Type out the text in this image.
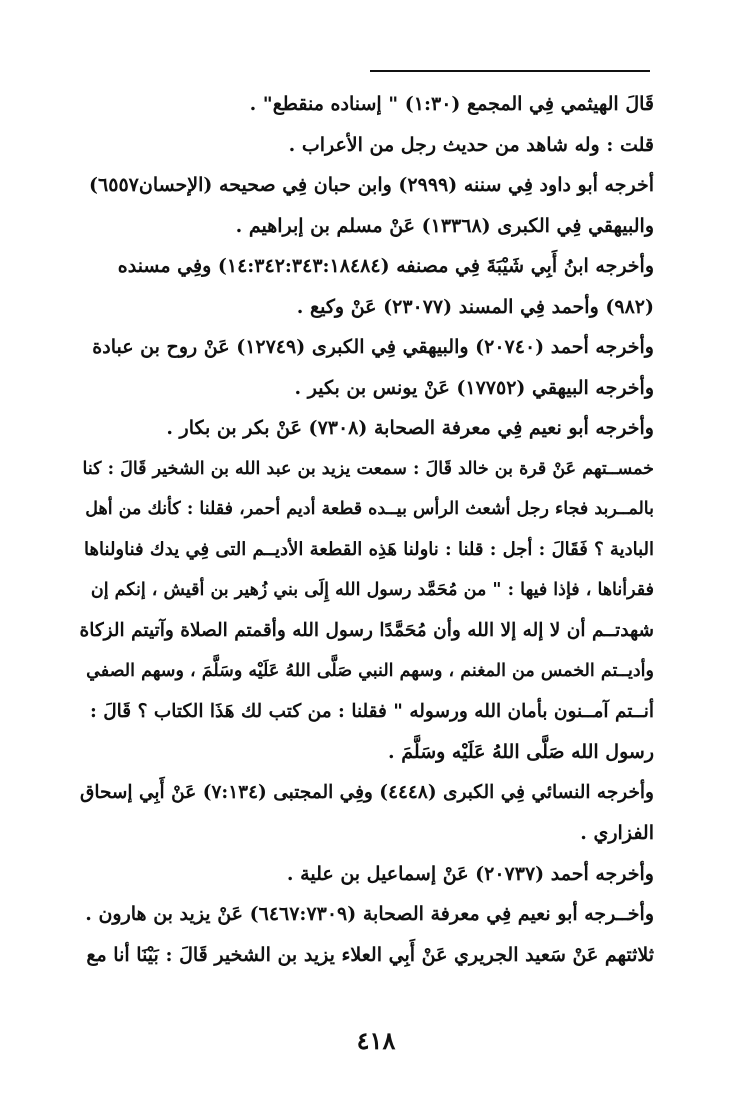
قَالَ الهيثمي فِي المجمع (١:٣٠) " إسناده منقطع" .
قلت : وله شاهد من حديث رجل من الأعراب .
أخرجه أبو داود فِي سننه (٢٩٩٩) وابن حبان فِي صحيحه (الإحسان٦٥٥٧)
والبيهقي فِي الكبرى (١٣٣٦٨) عَنْ مسلم بن إبراهيم .
وأخرجه ابنُ أَبِي شَيْبَةَ فِي مصنفه (١٤:٣٤٢:٣٤٣:١٨٤٨٤) وفِي مسنده
(٩٨٢) وأحمد فِي المسند (٢٣٠٧٧) عَنْ وكيع .
وأخرجه أحمد (٢٠٧٤٠) والبيهقي فِي الكبرى (١٢٧٤٩) عَنْ روح بن عبادة
وأخرجه البيهقي (١٧٧٥٢) عَنْ يونس بن بكير .
وأخرجه أبو نعيم فِي معرفة الصحابة (٧٣٠٨) عَنْ بكر بن بكار .
خمســتهم عَنْ قرة بن خالد قَالَ : سمعت يزيد بن عبد الله بن الشخير قَالَ : كنا
بالمــربد فجاء رجل أشعث الرأس بيــده قطعة أديم أحمر، فقلنا : كأنك من أهل
البادية ؟ فَقَالَ : أجل : قلنا : ناولنا هَذِه القطعة الأديــم التى فِي يدك فناولناها
فقرأناها ، فإذا فيها : " من مُحَمَّد رسول الله إِلَى بني زُهير بن أقيش ، إنكم إن
شهدتــم أن لا إله إلا الله وأن مُحَمَّدًا رسول الله وأقمتم الصلاة وآتيتم الزكاة
وأديــتم الخمس من المغنم ، وسهم النبي صَلَّى اللهُ عَلَيْه وسَلَّمَ ، وسهم الصفي
أنــتم آمــنون بأمان الله ورسوله " فقلنا : من كتب لك هَذَا الكتاب ؟ قَالَ :
رسول الله صَلَّى اللهُ عَلَيْه وسَلَّمَ .
وأخرجه النسائي فِي الكبرى (٤٤٤٨) وفِي المجتبى (٧:١٣٤) عَنْ أَبِي إسحاق
الفزاري .
وأخرجه أحمد (٢٠٧٣٧) عَنْ إسماعيل بن علية .
وأخــرجه أبو نعيم فِي معرفة الصحابة (٦٤٦٧:٧٣٠٩) عَنْ يزيد بن هارون .
ثلاثتهم عَنْ سَعيد الجريري عَنْ أَبِي العلاء يزيد بن الشخير قَالَ : بَيْنَا أنا مع
٤١٨
